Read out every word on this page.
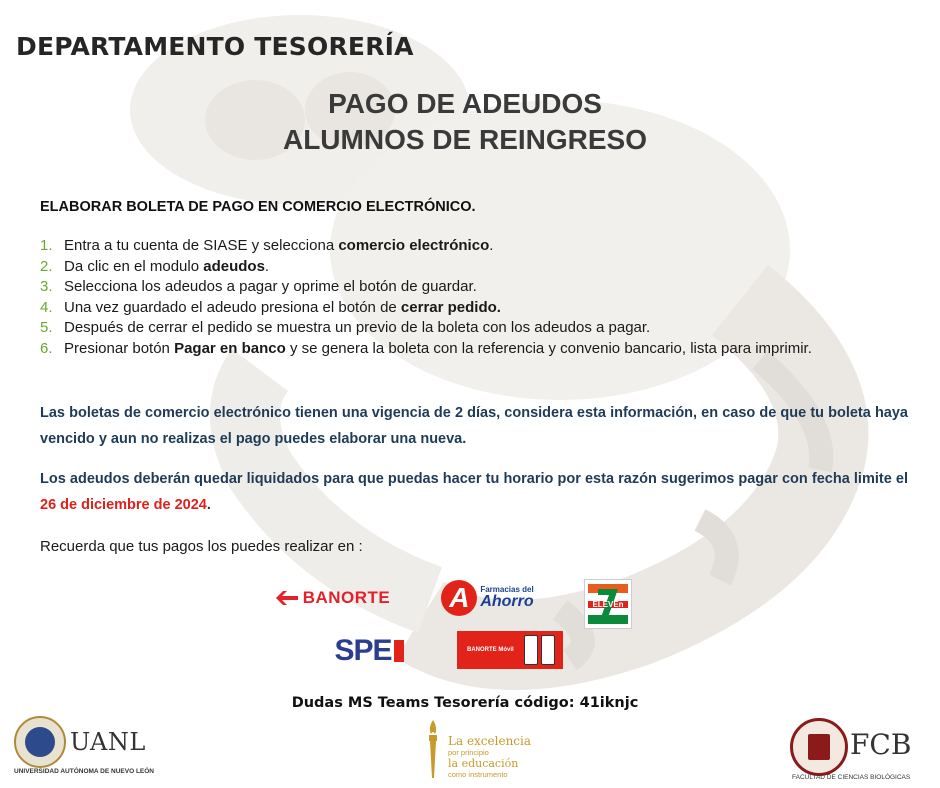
DEPARTAMENTO TESORERÍA
PAGO DE ADEUDOS
ALUMNOS DE REINGRESO
ELABORAR BOLETA DE PAGO EN COMERCIO ELECTRÓNICO.
1. Entra a tu cuenta de SIASE y selecciona comercio electrónico.
2. Da clic en el modulo adeudos.
3. Selecciona los adeudos a pagar y oprime el botón de guardar.
4. Una vez guardado el adeudo presiona el botón de cerrar pedido.
5. Después de cerrar el pedido se muestra un previo de la boleta con los adeudos a pagar.
6. Presionar botón Pagar en banco y se genera la boleta con la referencia y convenio bancario, lista para imprimir.
Las boletas de comercio electrónico tienen una vigencia de 2 días, considera esta información, en caso de que tu boleta haya vencido y aun no realizas el pago puedes elaborar una nueva.
Los adeudos deberán quedar liquidados para que puedas hacer tu horario por esta razón sugerimos pagar con fecha limite el 26 de diciembre de 2024.
Recuerda que tus pagos los puedes realizar en :
BANORTE A	Farmacias del
Ahorro	ELEVEn
SPE	BANORTE Móvil
Dudas MS Teams Tesorería código: 41iknjc
UANL
UNIVERSIDAD AUTÓNOMA DE NUEVO LEÓN
La excelencia
por principio
la educación
como instrumento
FCB
FACULTAD DE CIENCIAS BIOLÓGICAS
